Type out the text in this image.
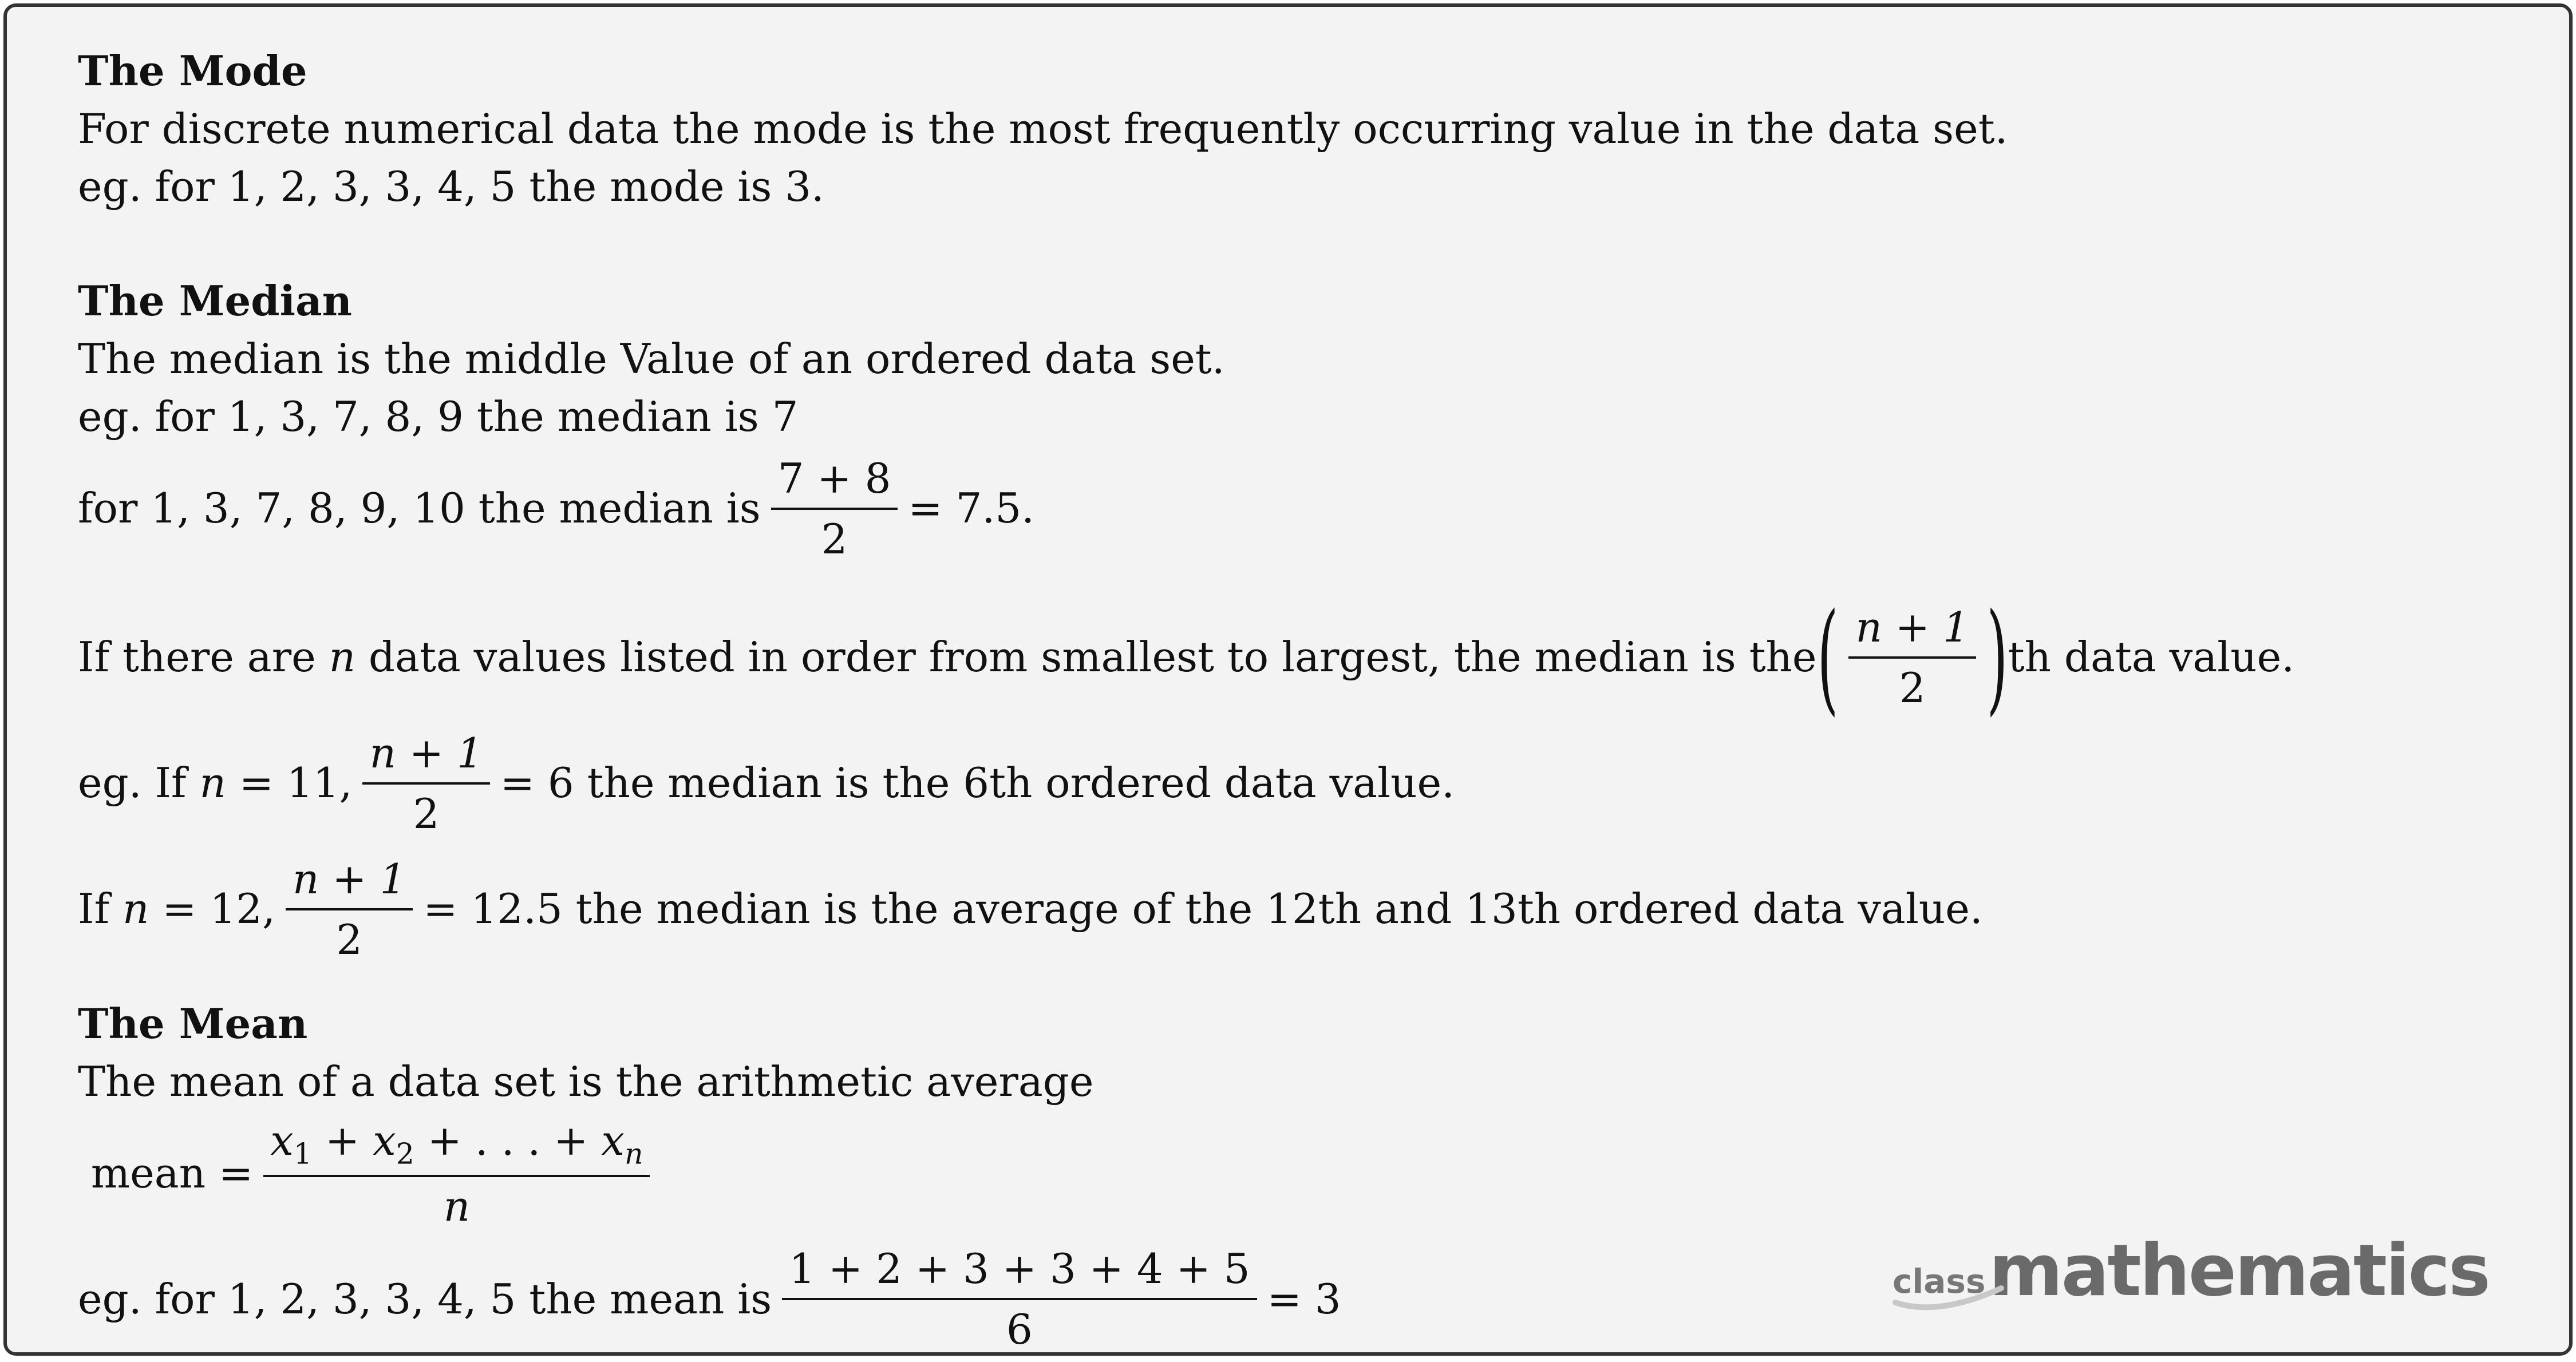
The Mode

For discrete numerical data the mode is the most frequently occurring value in the data set.

eg. for 1, 2, 3, 3, 4, 5 the mode is 3.

The Median

The median is the middle Value of an ordered data set.

eg. for 1, 3, 7, 8, 9 the median is 7

for 1, 3, 7, 8, 9, 10 the median is $\frac{7 + 8}{2} = 7.5$.

If there are
n
data values listed in order from smallest to largest, the median is the ( $\frac{n + 1}{2}$ ) th data value.

eg. If
n
= 11, $\frac{n + 1}{2} = 6$ the median is the 6th ordered data value.

If
n
= 12, $\frac{n + 1}{2} = 12.5$ the median is the average of the 12th and 13th ordered data value.

The Mean

The mean of a data set is the arithmetic average

mean
= $\frac{x_1 + x_2 + . . . + x_n}{n}$

eg. for 1, 2, 3, 3, 4, 5 the mean is $\frac{1 + 2 + 3 + 3 + 4 + 5}{6} = 3$	class mathematics
